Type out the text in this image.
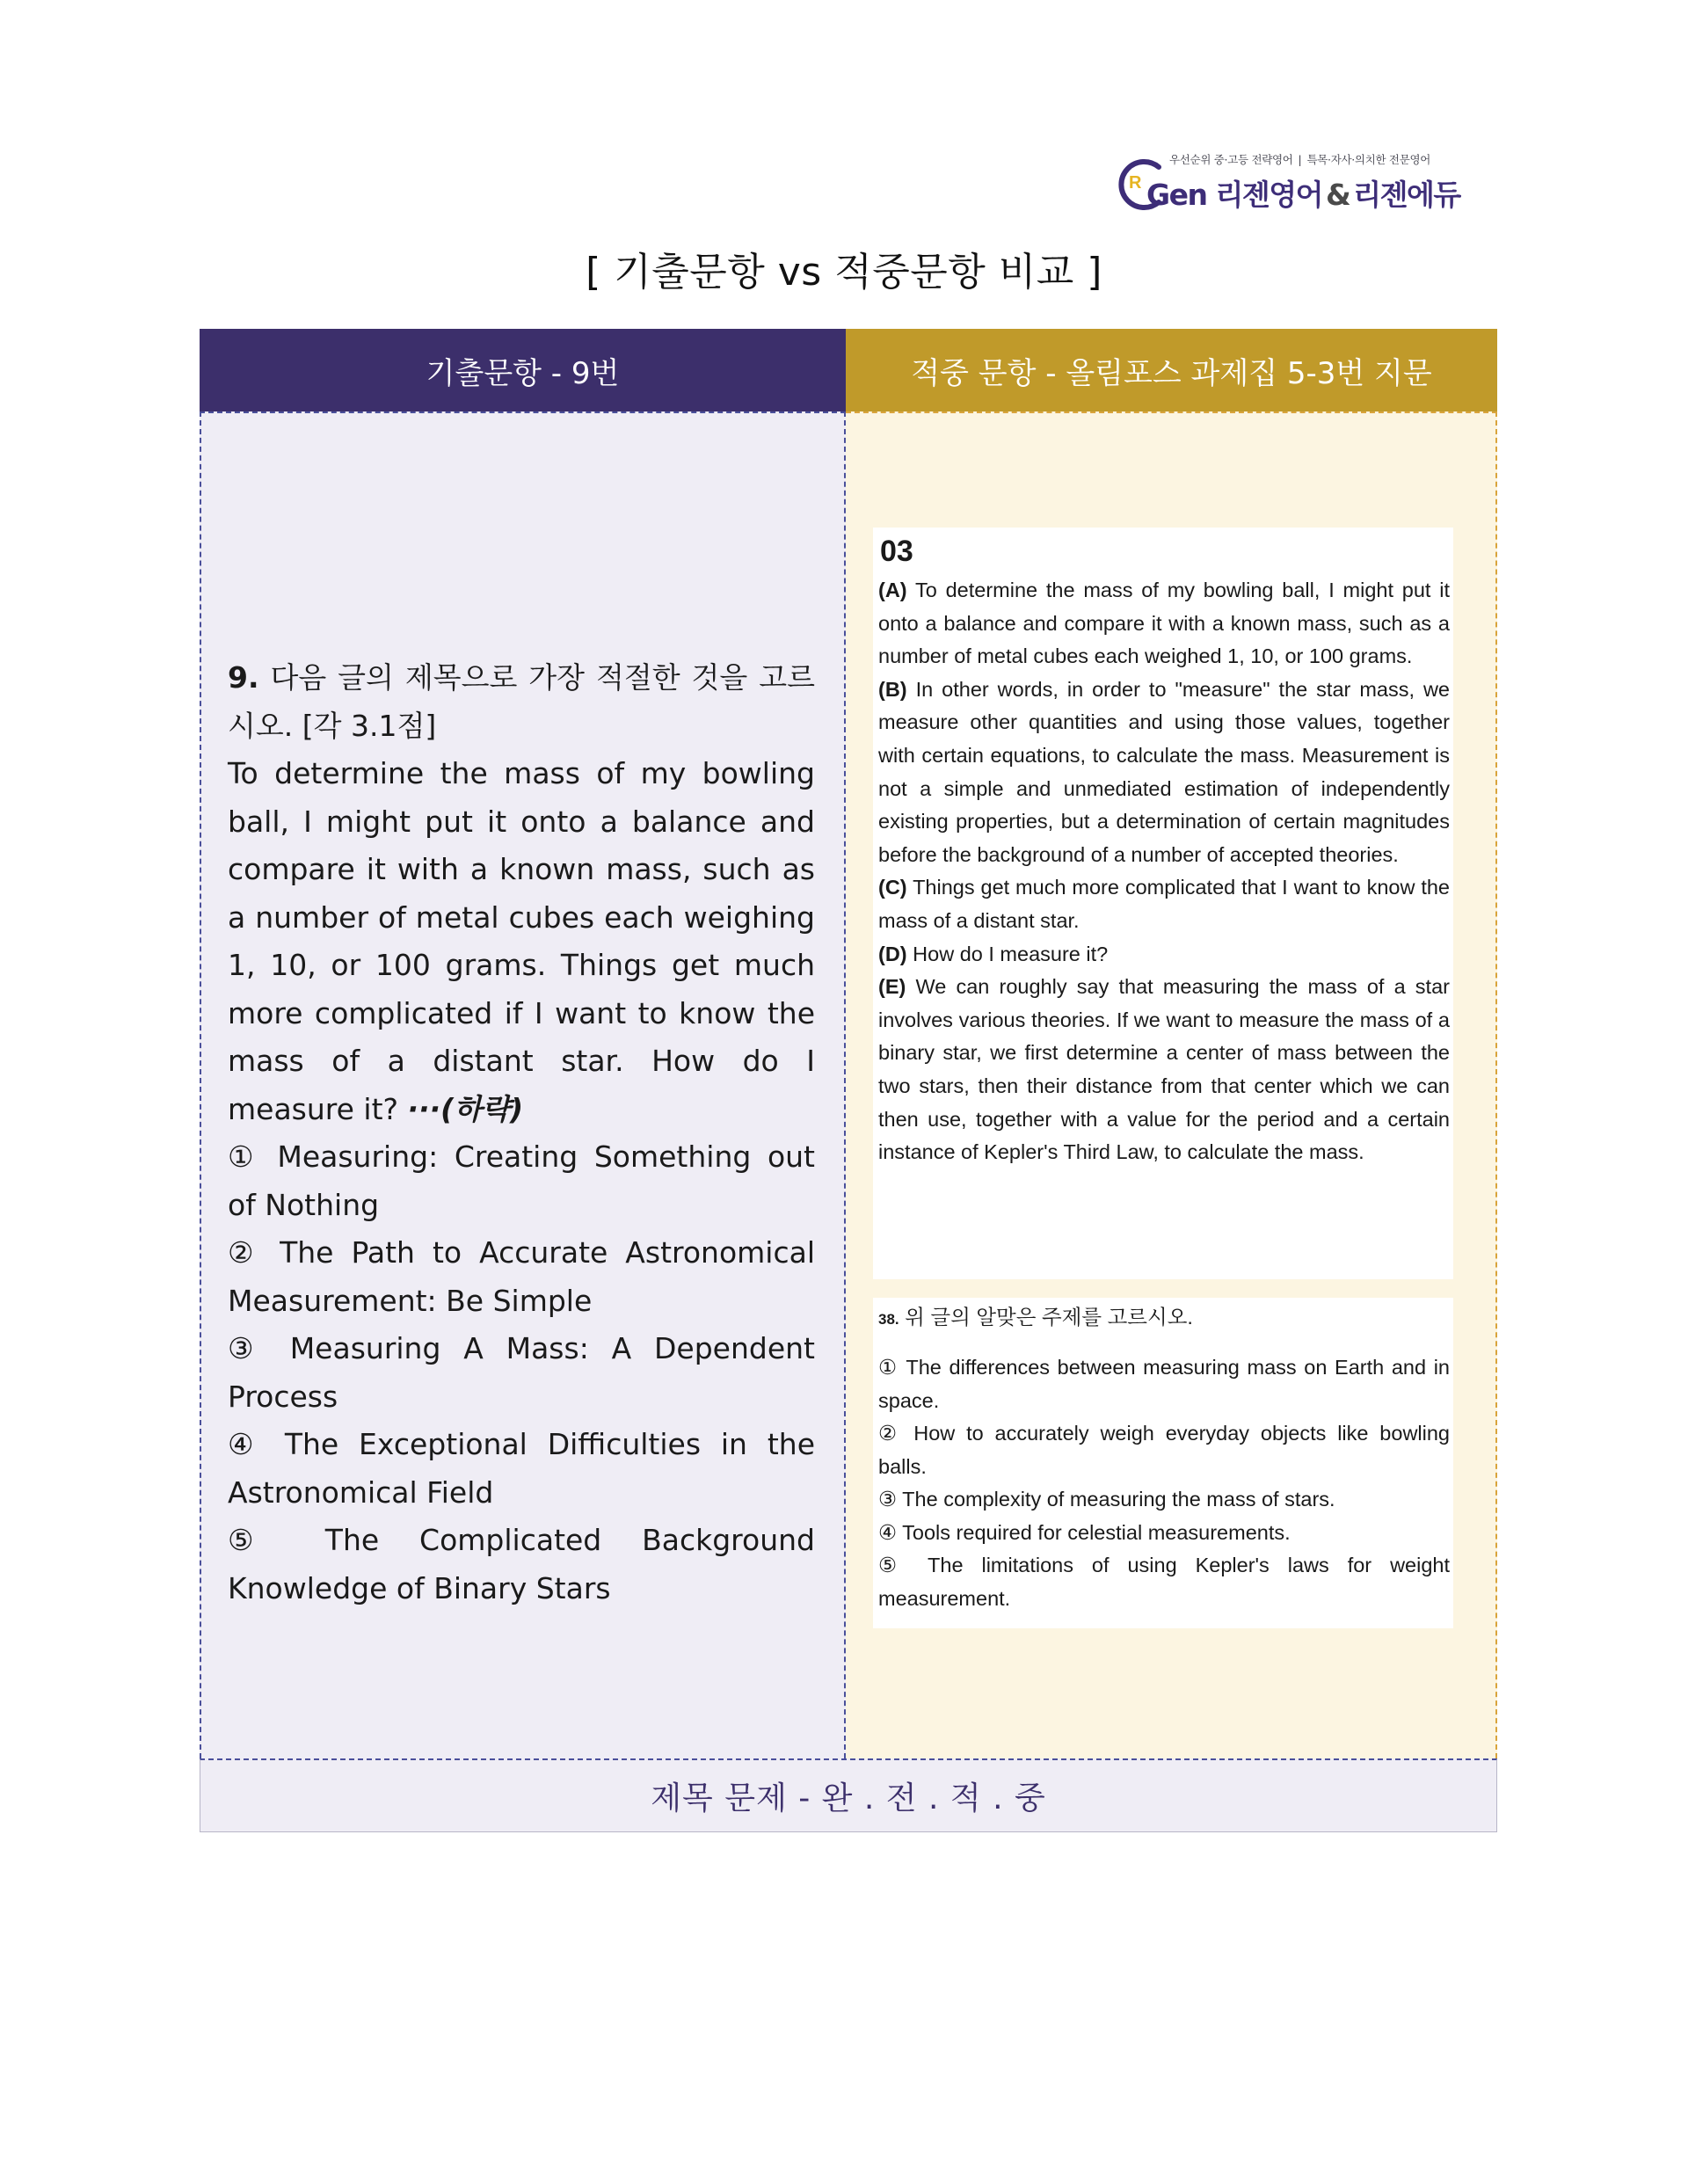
우선순위 중·고등 전략영어 | 특목·자사·의치한 전문영어
R Gen 리젠영어 & 리젠에듀
[ 기출문항 vs 적중문항 비교 ]
기출문항 - 9번	적중 문항 - 올림포스 과제집 5-3번 지문

9. 다음 글의 제목으로 가장 적절한 것을 고르시오. [각 3.1점]

To determine the mass of my bowling ball, I might put it onto a balance and compare it with a known mass, such as a number of metal cubes each weighing 1, 10, or 100 grams. Things get much more complicated if I want to know the mass of a distant star. How do I measure it? ···(하략)

① Measuring: Creating Something out of Nothing

② The Path to Accurate Astronomical Measurement: Be Simple

③ Measuring A Mass: A Dependent Process

④ The Exceptional Difficulties in the Astronomical Field

⑤ The Complicated Background Knowledge of Binary Stars

03

(A) To determine the mass of my bowling ball, I might put it onto a balance and compare it with a known mass, such as a number of metal cubes each weighed 1, 10, or 100 grams.

(B) In other words, in order to "measure" the star mass, we measure other quantities and using those values, together with certain equations, to calculate the mass. Measurement is not a simple and unmediated estimation of independently existing properties, but a determination of certain magnitudes before the background of a number of accepted theories.

(C) Things get much more complicated that I want to know the mass of a distant star.

(D) How do I measure it?

(E) We can roughly say that measuring the mass of a star involves various theories. If we want to measure the mass of a binary star, we first determine a center of mass between the two stars, then their distance from that center which we can then use, together with a value for the period and a certain instance of Kepler's Third Law, to calculate the mass.

38. 위 글의 알맞은 주제를 고르시오.

① The differences between measuring mass on Earth and in space.

② How to accurately weigh everyday objects like bowling balls.

③ The complexity of measuring the mass of stars.

④ Tools required for celestial measurements.

⑤ The limitations of using Kepler's laws for weight measurement.

제목 문제 - 완 . 전 . 적 . 중
